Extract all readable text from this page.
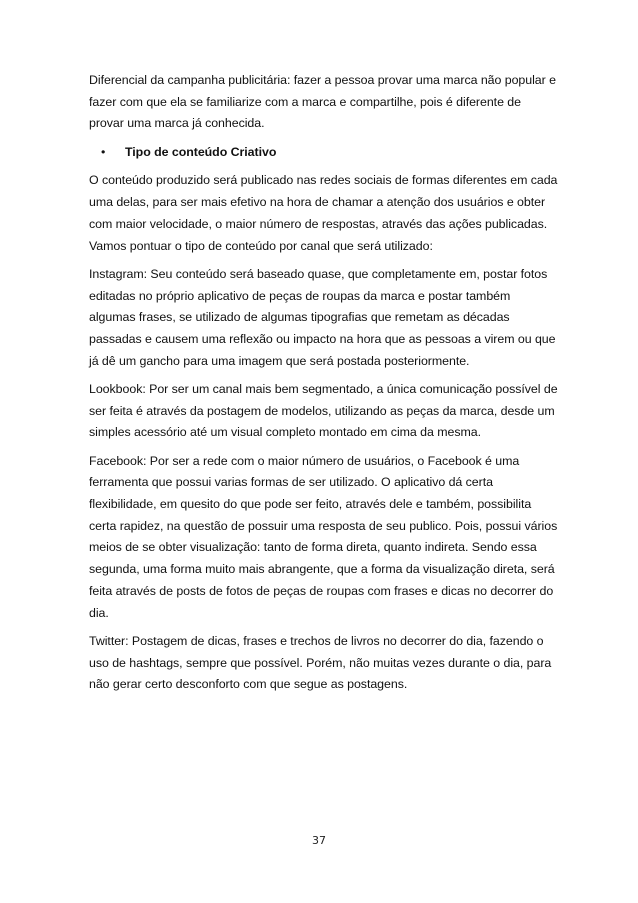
Diferencial da campanha publicitária: fazer a pessoa provar uma marca não popular e fazer com que ela se familiarize com a marca e compartilhe, pois é diferente de provar uma marca já conhecida.

•	Tipo de conteúdo Criativo

O conteúdo produzido será publicado nas redes sociais de formas diferentes em cada uma delas, para ser mais efetivo na hora de chamar a atenção dos usuários e obter com maior velocidade, o maior número de respostas, através das ações publicadas. Vamos pontuar o tipo de conteúdo por canal que será utilizado:

Instagram: Seu conteúdo será baseado quase, que completamente em, postar fotos editadas no próprio aplicativo de peças de roupas da marca e postar também algumas frases, se utilizado de algumas tipografias que remetam as décadas passadas e causem uma reflexão ou impacto na hora que as pessoas a virem ou que já dê um gancho para uma imagem que será postada posteriormente.

Lookbook: Por ser um canal mais bem segmentado, a única comunicação possível de ser feita é através da postagem de modelos, utilizando as peças da marca, desde um simples acessório até um visual completo montado em cima da mesma.

Facebook: Por ser a rede com o maior número de usuários, o Facebook é uma ferramenta que possui varias formas de ser utilizado. O aplicativo dá certa flexibilidade, em quesito do que pode ser feito, através dele e também, possibilita certa rapidez, na questão de possuir uma resposta de seu publico. Pois, possui vários meios de se obter visualização: tanto de forma direta, quanto indireta. Sendo essa segunda, uma forma muito mais abrangente, que a forma da visualização direta, será feita através de posts de fotos de peças de roupas com frases e dicas no decorrer do dia.

Twitter: Postagem de dicas, frases e trechos de livros no decorrer do dia, fazendo o uso de hashtags, sempre que possível. Porém, não muitas vezes durante o dia, para não gerar certo desconforto com que segue as postagens.

37
